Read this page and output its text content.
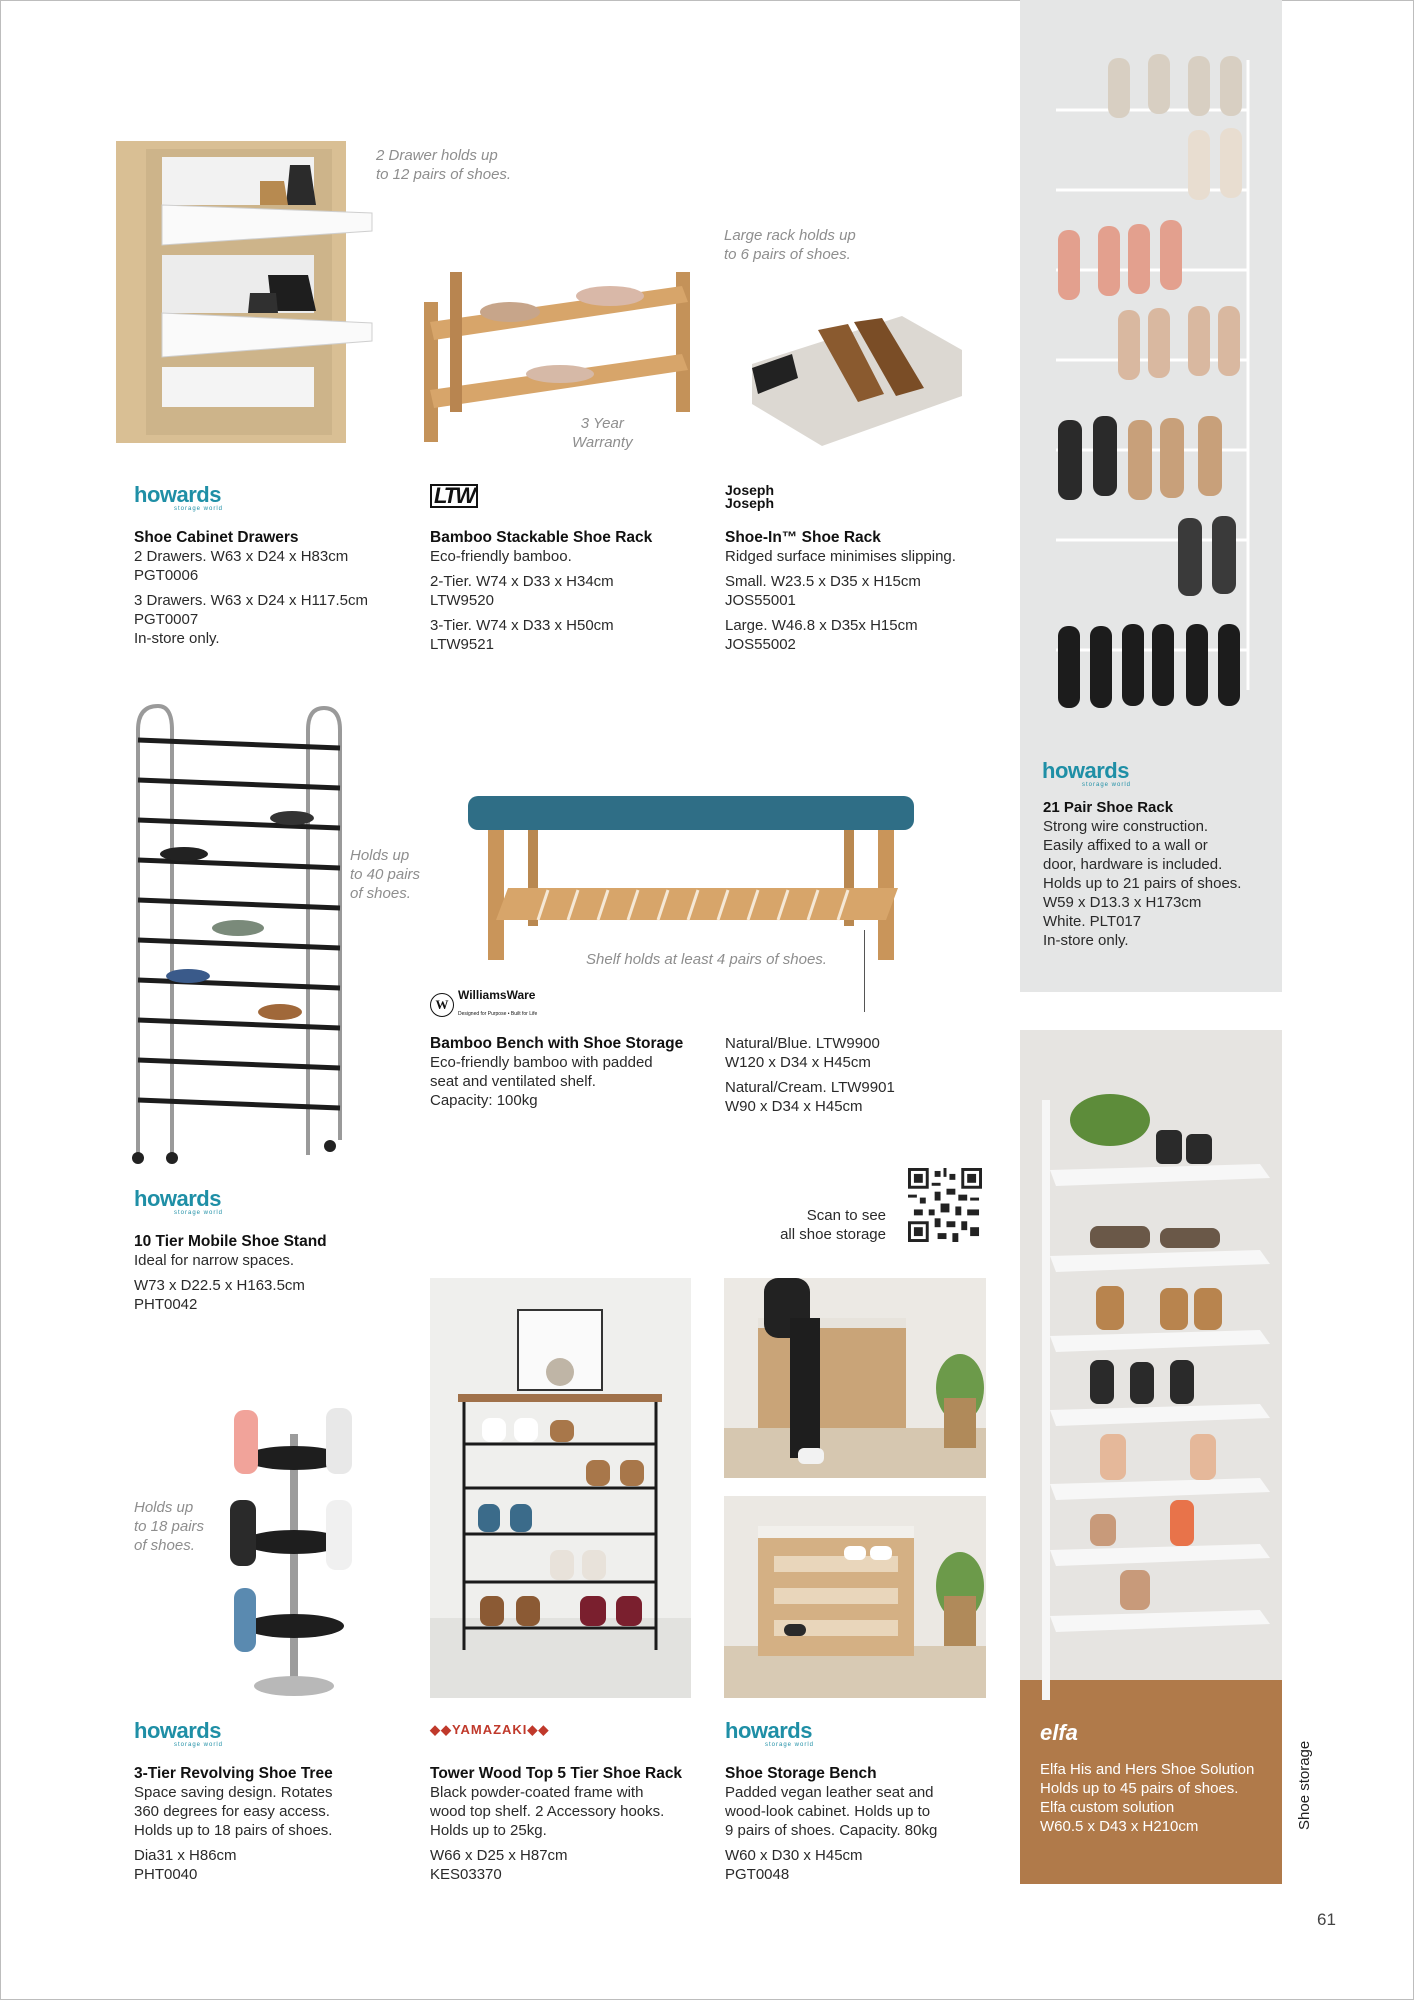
2 Drawer holds up
to 12 pairs of shoes.
3 Year
Warranty
Large rack holds up
to 6 pairs of shoes.
howards
storage world
Shoe Cabinet Drawers
2 Drawers. W63 x D24 x H83cm
PGT0006
3 Drawers. W63 x D24 x H117.5cm
PGT0007
In-store only.
LTW
Bamboo Stackable Shoe Rack
Eco-friendly bamboo.
2-Tier. W74 x D33 x H34cm
LTW9520
3-Tier. W74 x D33 x H50cm
LTW9521
Joseph
Joseph
Shoe-In™ Shoe Rack
Ridged surface minimises slipping.
Small. W23.5 x D35 x H15cm
JOS55001
Large. W46.8 x D35x H15cm
JOS55002
howards
storage world
21 Pair Shoe Rack
Strong wire construction.
Easily affixed to a wall or
door, hardware is included.
Holds up to 21 pairs of shoes.
W59 x D13.3 x H173cm
White. PLT017
In-store only.
Holds up
to 40 pairs
of shoes.
Shelf holds at least 4 pairs of shoes.
W
WilliamsWare
Designed for Purpose • Built for Life
Bamboo Bench with Shoe Storage
Eco-friendly bamboo with padded
seat and ventilated shelf.
Capacity: 100kg
Natural/Blue. LTW9900
W120 x D34 x H45cm
Natural/Cream. LTW9901
W90 x D34 x H45cm
howards
storage world
10 Tier Mobile Shoe Stand
Ideal for narrow spaces.
W73 x D22.5 x H163.5cm
PHT0042
Scan to see
all shoe storage
Holds up
to 18 pairs
of shoes.
elfa
Elfa His and Hers Shoe Solution
Holds up to 45 pairs of shoes.
Elfa custom solution
W60.5 x D43 x H210cm
howards
storage world
3-Tier Revolving Shoe Tree
Space saving design. Rotates
360 degrees for easy access.
Holds up to 18 pairs of shoes.
Dia31 x H86cm
PHT0040
◆◆YAMAZAKI◆◆
Tower Wood Top 5 Tier Shoe Rack
Black powder-coated frame with
wood top shelf. 2 Accessory hooks.
Holds up to 25kg.
W66 x D25 x H87cm
KES03370
howards
storage world
Shoe Storage Bench
Padded vegan leather seat and
wood-look cabinet. Holds up to
9 pairs of shoes. Capacity. 80kg
W60 x D30 x H45cm
PGT0048
Shoe storage
61
